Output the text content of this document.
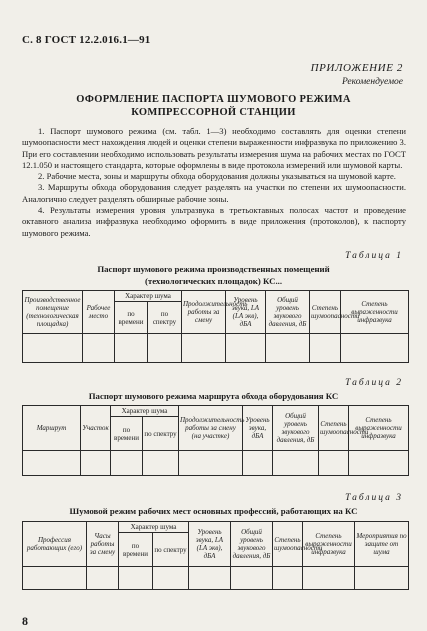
С. 8 ГОСТ 12.2.016.1—91
ПРИЛОЖЕНИЕ 2
Рекомендуемое
ОФОРМЛЕНИЕ ПАСПОРТА ШУМОВОГО РЕЖИМА
КОМПРЕССОРНОЙ СТАНЦИИ

1. Паспорт шумового режима (см. табл. 1—3) необходимо составлять для оценки степени шумоопасности мест нахождения людей и оценки степени выраженности инфразвука по приложению 3. При его составлении необходимо использовать результаты измерения шума на рабочих местах по ГОСТ 12.1.050 и настоящего стандарта, которые оформлены в виде протокола измерений или шумовой карты.

2. Рабочие места, зоны и маршруты обхода оборудования должны указываться на шумовой карте.

3. Маршруты обхода оборудования следует разделять на участки по степени их шумоопасности. Аналогично следует разделять обширные рабочие зоны.

4. Результаты измерения уровня ультразвука в третьоктавных полосах частот и проведение октавного анализа инфразвука необходимо оформить в виде приложения (протоколов), к паспорту шумового режима.

Таблица 1
Паспорт шумового режима производственных помещений
(технологических площадок) КС...
Производственное помещение (технологическая площадка)	Рабочее место	Характер шума		Продолжительность работы за смену	Уровень звука, LА (LА экв), дБА	Общий уровень звукового давления, дБ	Степень шумоопасности	Степень выраженности инфразвука
		по времени	по спектру					

Таблица 2
Паспорт шумового режима маршрута обхода оборудования КС
Маршрут	Участок	Характер шума		Продолжительность работы за смену (на участке)	Уровень звука, дБА	Общий уровень звукового давления, дБ	Степень шумоопасности	Степень выраженности инфразвука
		по времени	по спектру					

Таблица 3
Шумовой режим рабочих мест основных профессий, работающих на КС
Профессия работающих (его)	Часы работы за смену	Характер шума		Уровень звука, LА (LА экв), дБА	Общий уровень звукового давления, дБ	Степень шумоопасности	Степень выраженности инфразвука	Мероприятия по защите от шума
		по времени	по спектру					

8
